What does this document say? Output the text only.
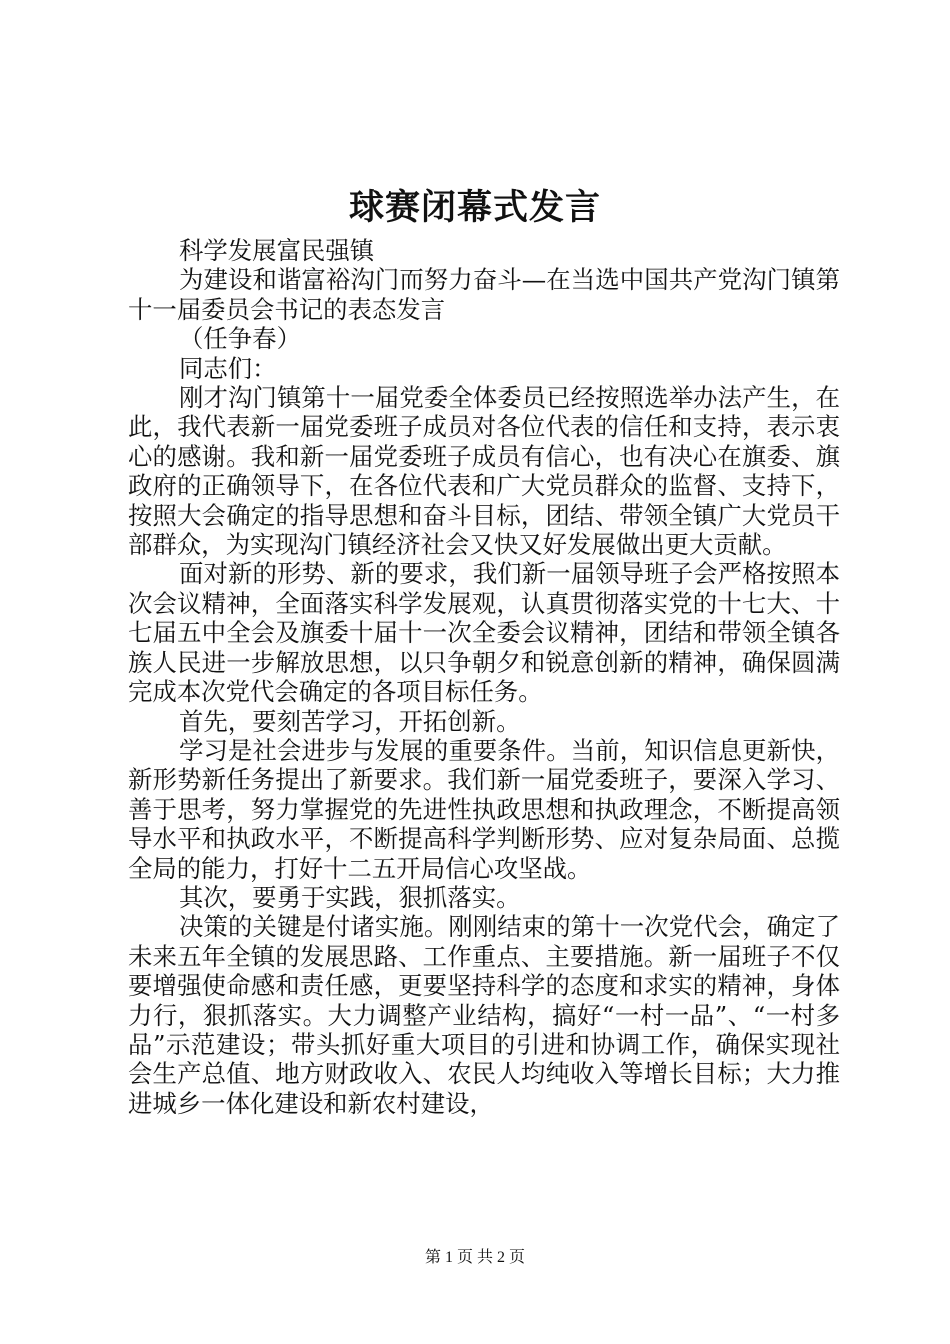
球赛闭幕式发言

科学发展富民强镇

为建设和谐富裕沟门而努力奋斗—在当选中国共产党沟门镇第十一届委员会书记的表态发言

（任争春）

同志们：

刚才沟门镇第十一届党委全体委员已经按照选举办法产生，在此，我代表新一届党委班子成员对各位代表的信任和支持，表示衷心的感谢。我和新一届党委班子成员有信心，也有决心在旗委、旗政府的正确领导下，在各位代表和广大党员群众的监督、支持下，按照大会确定的指导思想和奋斗目标，团结、带领全镇广大党员干部群众，为实现沟门镇经济社会又快又好发展做出更大贡献。

面对新的形势、新的要求，我们新一届领导班子会严格按照本次会议精神，全面落实科学发展观，认真贯彻落实党的十七大、十七届五中全会及旗委十届十一次全委会议精神，团结和带领全镇各族人民进一步解放思想，以只争朝夕和锐意创新的精神，确保圆满完成本次党代会确定的各项目标任务。

首先，要刻苦学习，开拓创新。

学习是社会进步与发展的重要条件。当前，知识信息更新快，新形势新任务提出了新要求。我们新一届党委班子，要深入学习、善于思考，努力掌握党的先进性执政思想和执政理念，不断提高领导水平和执政水平，不断提高科学判断形势、应对复杂局面、总揽全局的能力，打好十二五开局信心攻坚战。

其次，要勇于实践，狠抓落实。

决策的关键是付诸实施。刚刚结束的第十一次党代会，确定了未来五年全镇的发展思路、工作重点、主要措施。新一届班子不仅要增强使命感和责任感，更要坚持科学的态度和求实的精神，身体力行，狠抓落实。大力调整产业结构，搞好“一村一品”、“一村多品”示范建设；带头抓好重大项目的引进和协调工作，确保实现社会生产总值、地方财政收入、农民人均纯收入等增长目标；大力推进城乡一体化建设和新农村建设，

第 1 页 共 2 页
